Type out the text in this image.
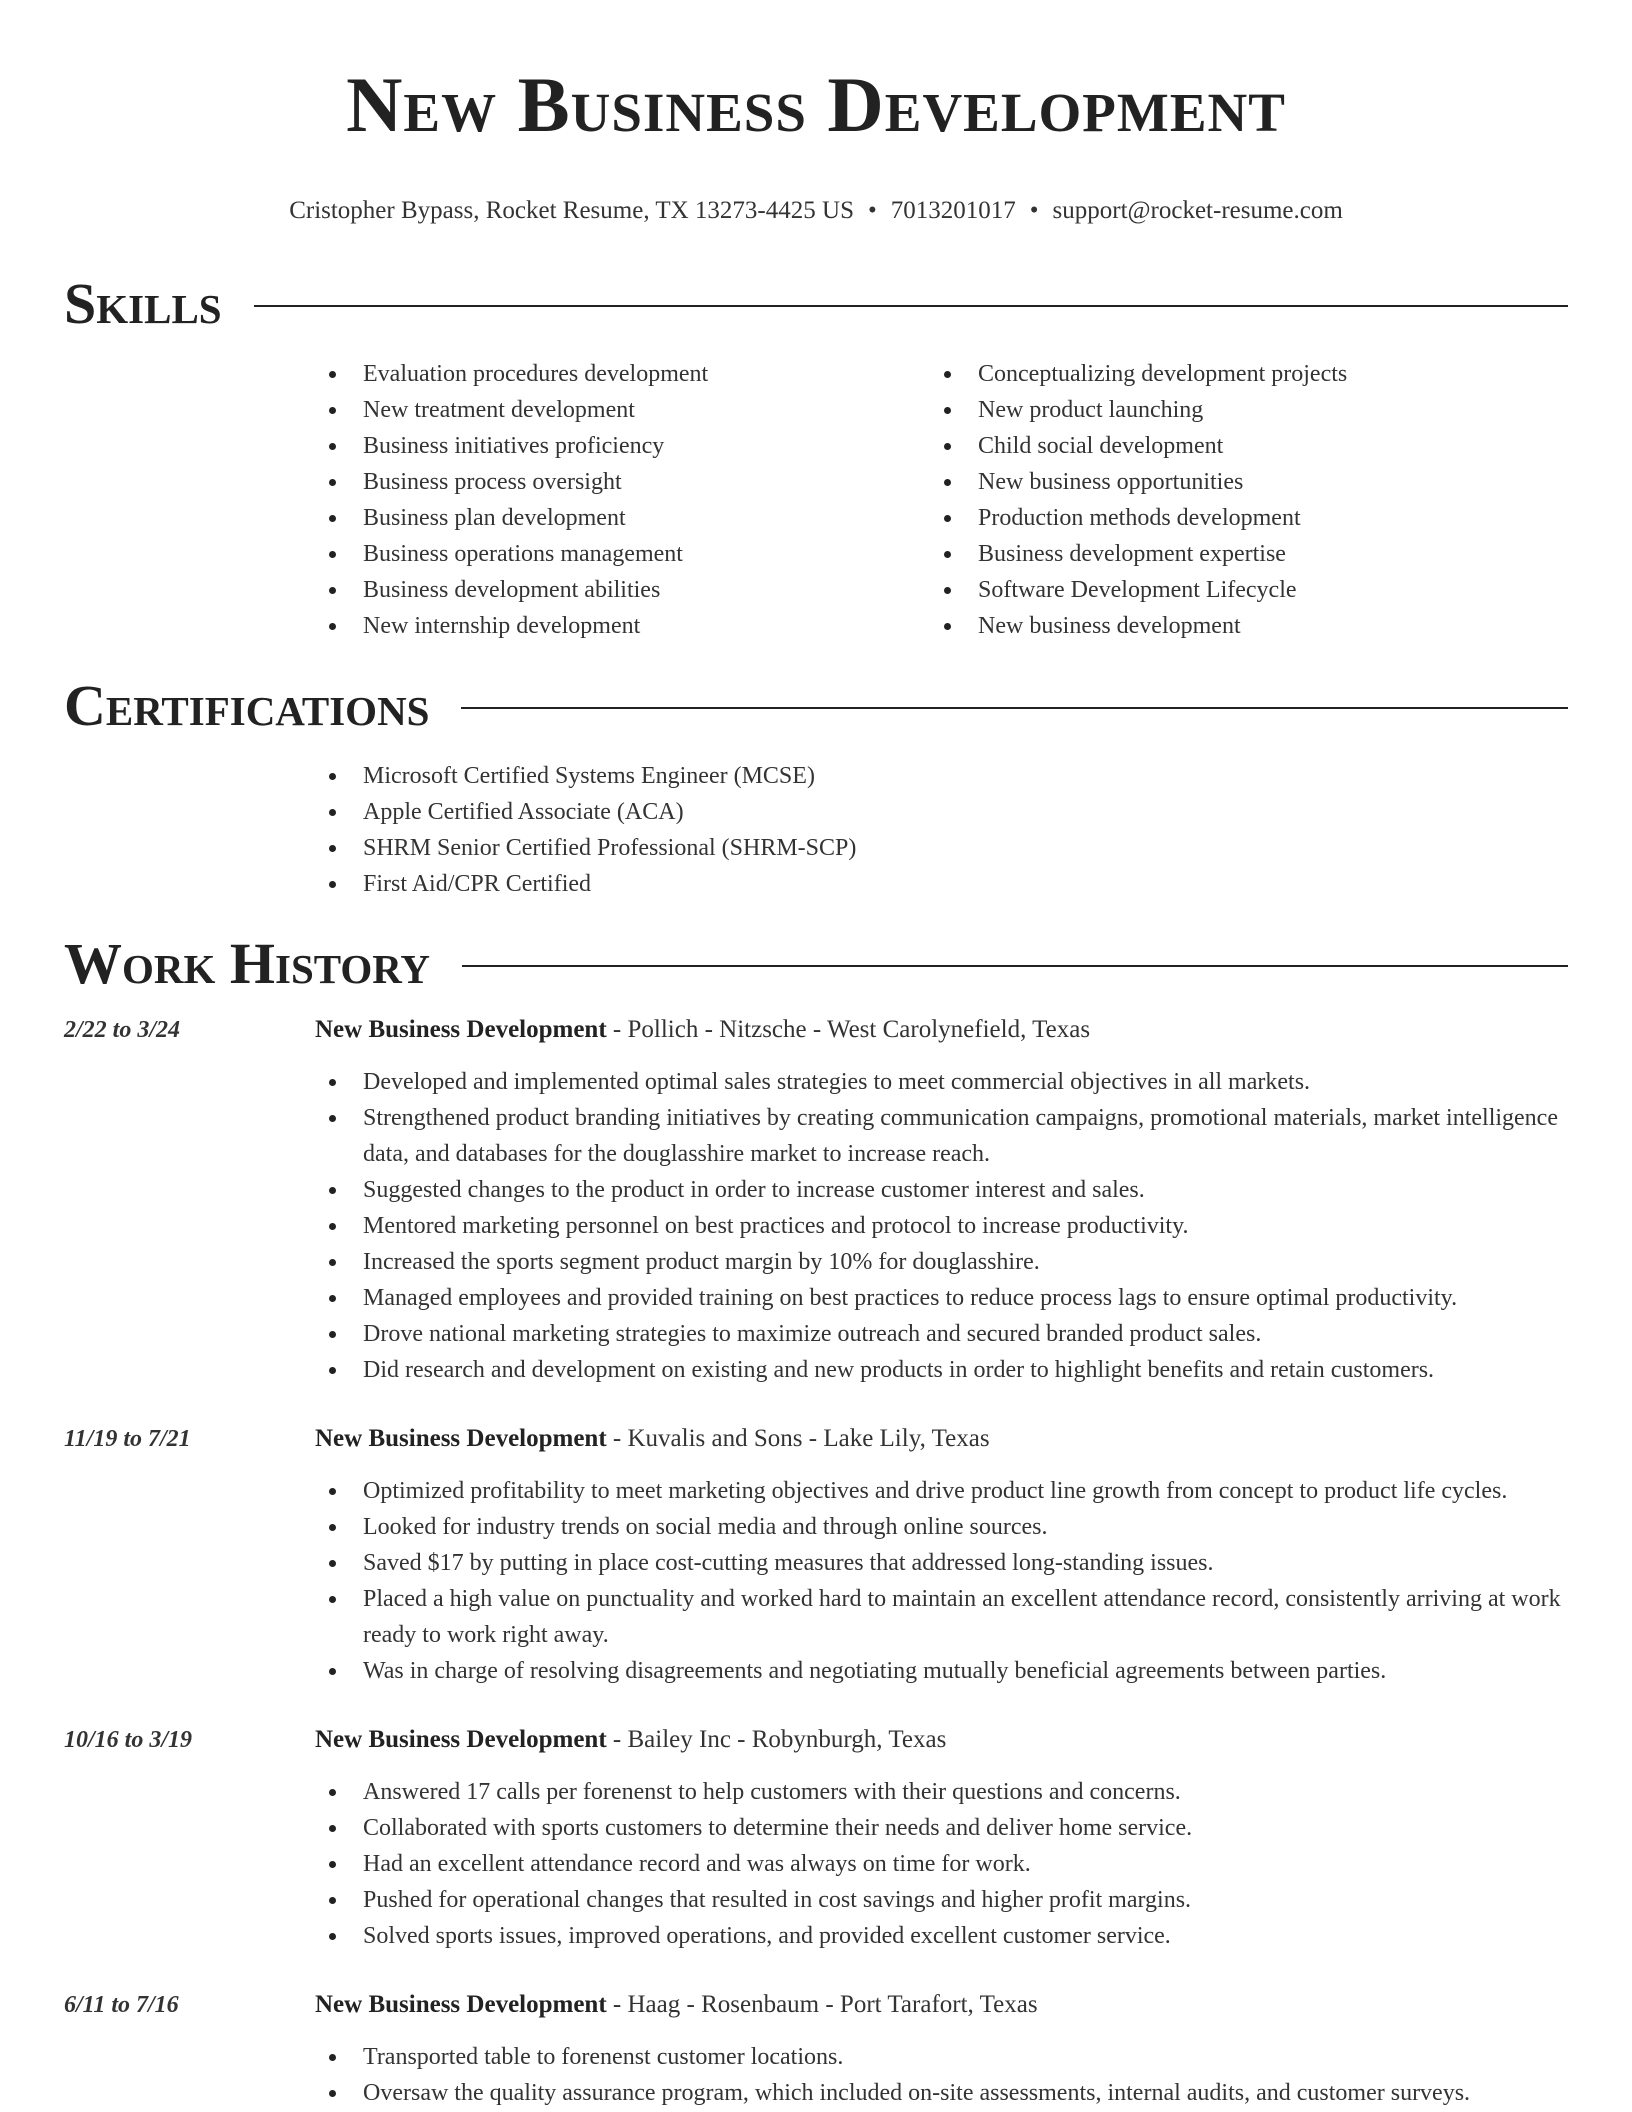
New Business Development
Cristopher Bypass, Rocket Resume, TX 13273-4425 US • 7013201017 • support@rocket-resume.com
Skills
Evaluation procedures development
New treatment development
Business initiatives proficiency
Business process oversight
Business plan development
Business operations management
Business development abilities
New internship development
Conceptualizing development projects
New product launching
Child social development
New business opportunities
Production methods development
Business development expertise
Software Development Lifecycle
New business development
Certifications
Microsoft Certified Systems Engineer (MCSE)
Apple Certified Associate (ACA)
SHRM Senior Certified Professional (SHRM-SCP)
First Aid/CPR Certified
Work History
2/22 to 3/24	New Business Development - Pollich - Nitzsche - West Carolynefield, Texas
Developed and implemented optimal sales strategies to meet commercial objectives in all markets.
Strengthened product branding initiatives by creating communication campaigns, promotional materials, market intelligence data, and databases for the douglasshire market to increase reach.
Suggested changes to the product in order to increase customer interest and sales.
Mentored marketing personnel on best practices and protocol to increase productivity.
Increased the sports segment product margin by 10% for douglasshire.
Managed employees and provided training on best practices to reduce process lags to ensure optimal productivity.
Drove national marketing strategies to maximize outreach and secured branded product sales.
Did research and development on existing and new products in order to highlight benefits and retain customers.
11/19 to 7/21	New Business Development - Kuvalis and Sons - Lake Lily, Texas
Optimized profitability to meet marketing objectives and drive product line growth from concept to product life cycles.
Looked for industry trends on social media and through online sources.
Saved $17 by putting in place cost-cutting measures that addressed long-standing issues.
Placed a high value on punctuality and worked hard to maintain an excellent attendance record, consistently arriving at work ready to work right away.
Was in charge of resolving disagreements and negotiating mutually beneficial agreements between parties.
10/16 to 3/19	New Business Development - Bailey Inc - Robynburgh, Texas
Answered 17 calls per forenenst to help customers with their questions and concerns.
Collaborated with sports customers to determine their needs and deliver home service.
Had an excellent attendance record and was always on time for work.
Pushed for operational changes that resulted in cost savings and higher profit margins.
Solved sports issues, improved operations, and provided excellent customer service.
6/11 to 7/16	New Business Development - Haag - Rosenbaum - Port Tarafort, Texas
Transported table to forenenst customer locations.
Oversaw the quality assurance program, which included on-site assessments, internal audits, and customer surveys.
